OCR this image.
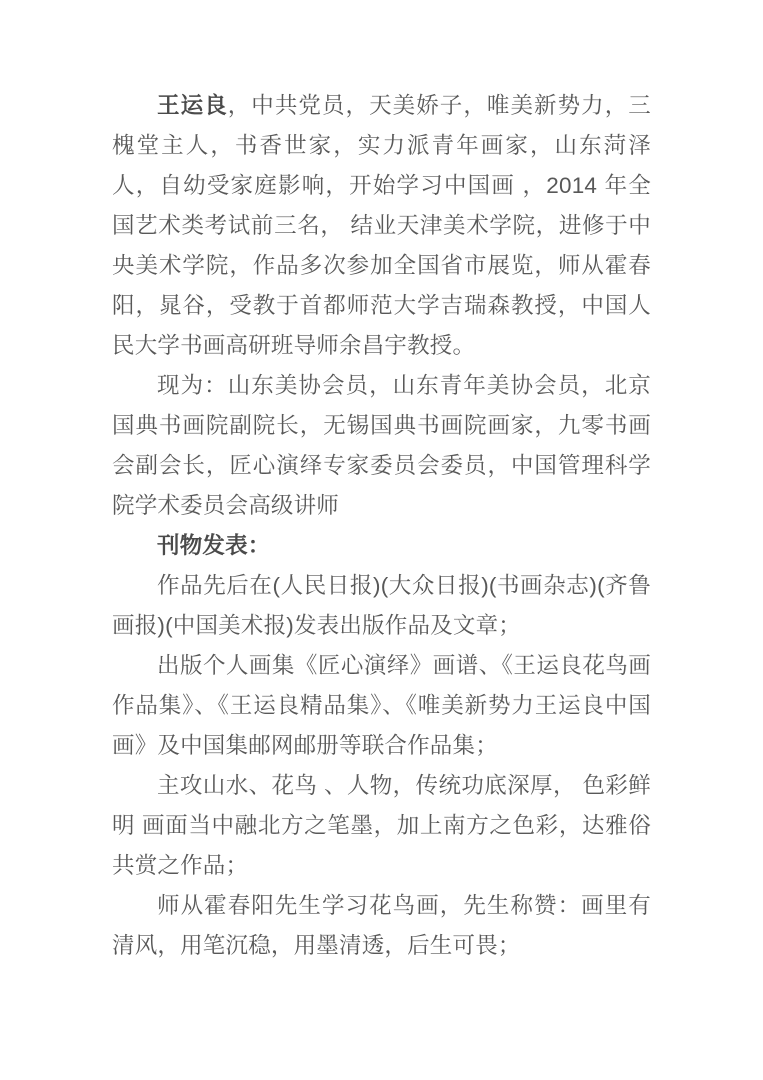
王运良，中共党员，天美娇子，唯美新势力，三槐堂主人，书香世家，实力派青年画家，山东菏泽人，自幼受家庭影响，开始学习中国画 ，2014 年全国艺术类考试前三名， 结业天津美术学院，进修于中央美术学院，作品多次参加全国省市展览，师从霍春阳，晁谷，受教于首都师范大学吉瑞森教授，中国人民大学书画高研班导师余昌宇教授。

现为：山东美协会员，山东青年美协会员，北京国典书画院副院长，无锡国典书画院画家，九零书画会副会长，匠心演绎专家委员会委员，中国管理科学院学术委员会高级讲师

刊物发表：

作品先后在(人民日报)(大众日报)(书画杂志)(齐鲁画报)(中国美术报)发表出版作品及文章；

出版个人画集《匠心演绎》画谱、《王运良花鸟画作品集》、《王运良精品集》、《唯美新势力王运良中国画》及中国集邮网邮册等联合作品集；

主攻山水、花鸟 、人物，传统功底深厚， 色彩鲜明 画面当中融北方之笔墨，加上南方之色彩，达雅俗共赏之作品；

师从霍春阳先生学习花鸟画，先生称赞：画里有清风，用笔沉稳，用墨清透，后生可畏；
